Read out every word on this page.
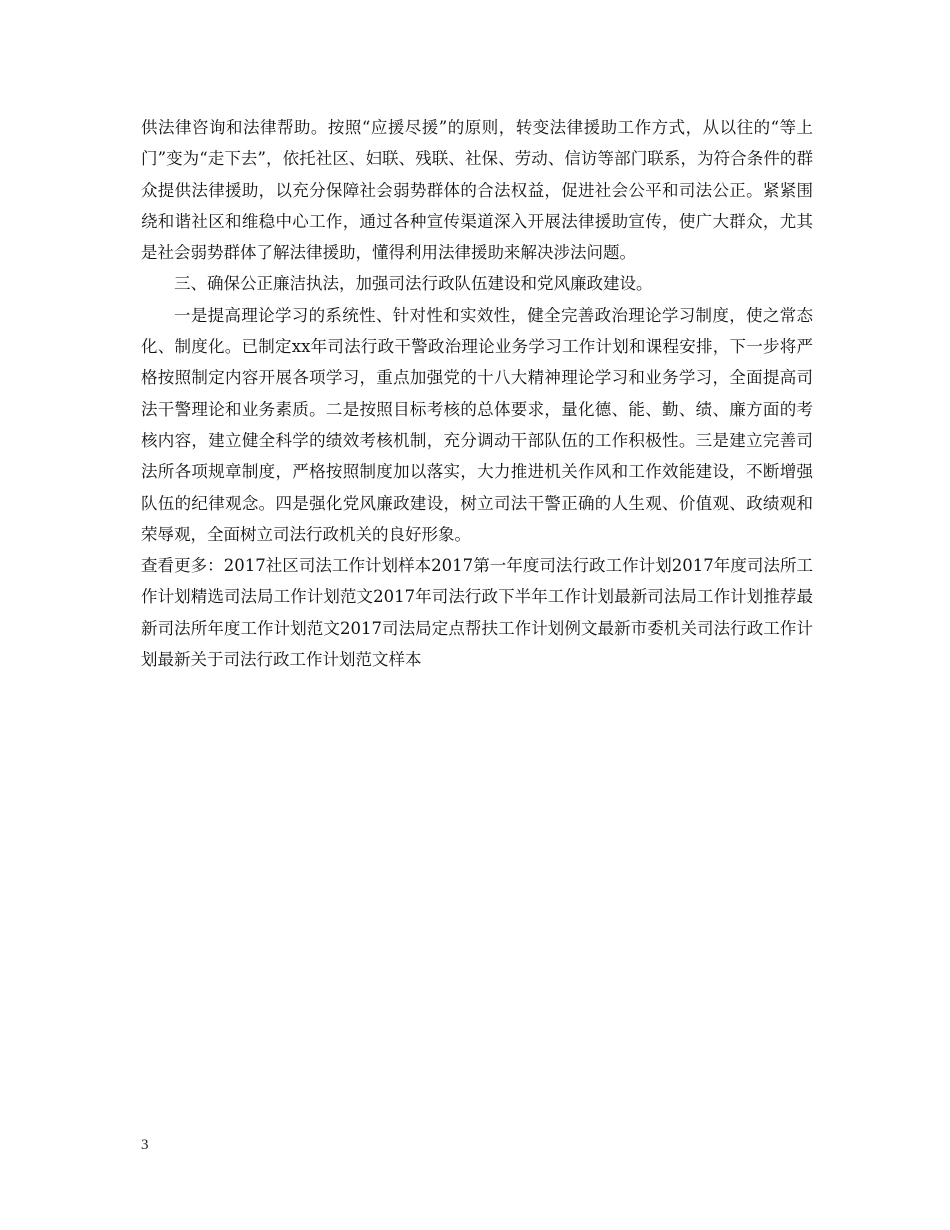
供法律咨询和法律帮助。按照“应援尽援”的原则，转变法律援助工作方式，从以往的“等上门”变为“走下去”，依托社区、妇联、残联、社保、劳动、信访等部门联系，为符合条件的群众提供法律援助，以充分保障社会弱势群体的合法权益，促进社会公平和司法公正。紧紧围绕和谐社区和维稳中心工作，通过各种宣传渠道深入开展法律援助宣传，使广大群众，尤其是社会弱势群体了解法律援助，懂得利用法律援助来解决涉法问题。

三、确保公正廉洁执法，加强司法行政队伍建设和党风廉政建设。

一是提高理论学习的系统性、针对性和实效性，健全完善政治理论学习制度，使之常态化、制度化。已制定xx年司法行政干警政治理论业务学习工作计划和课程安排，下一步将严格按照制定内容开展各项学习，重点加强党的十八大精神理论学习和业务学习，全面提高司法干警理论和业务素质。二是按照目标考核的总体要求，量化德、能、勤、绩、廉方面的考核内容，建立健全科学的绩效考核机制，充分调动干部队伍的工作积极性。三是建立完善司法所各项规章制度，严格按照制度加以落实，大力推进机关作风和工作效能建设，不断增强队伍的纪律观念。四是强化党风廉政建设，树立司法干警正确的人生观、价值观、政绩观和荣辱观，全面树立司法行政机关的良好形象。

查看更多：2017社区司法工作计划样本2017第一年度司法行政工作计划2017年度司法所工作计划精选司法局工作计划范文2017年司法行政下半年工作计划最新司法局工作计划推荐最新司法所年度工作计划范文2017司法局定点帮扶工作计划例文最新市委机关司法行政工作计划最新关于司法行政工作计划范文样本

3
